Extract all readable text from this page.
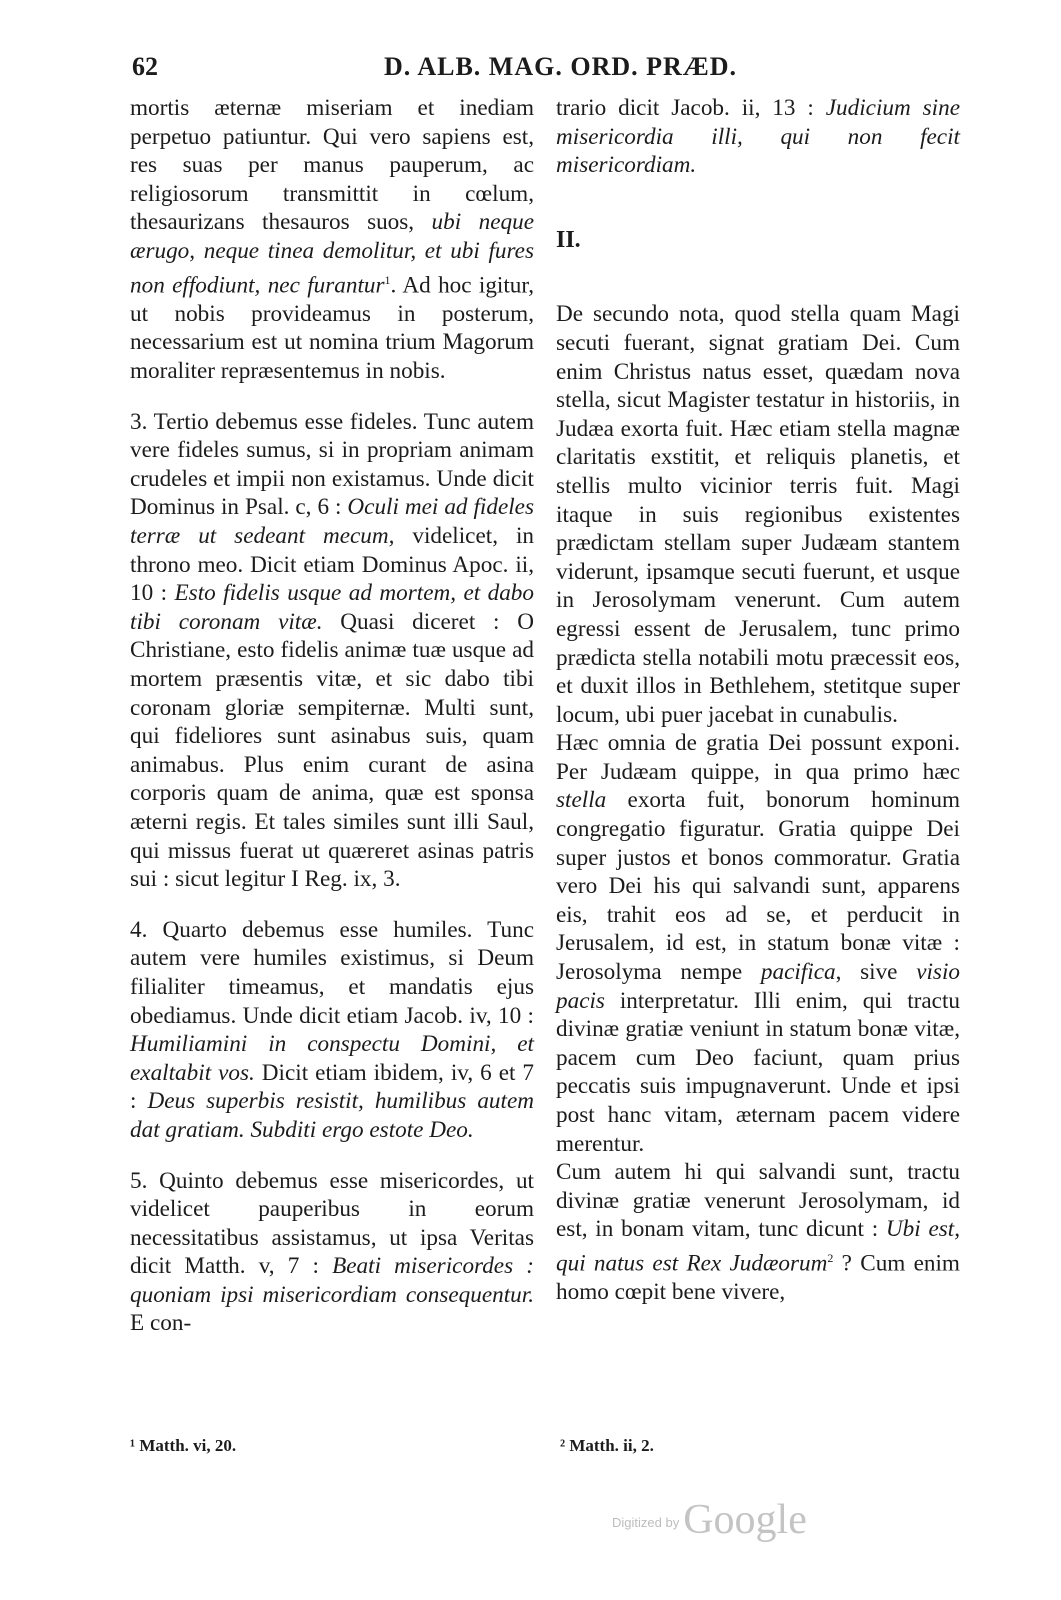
62	D. ALB. MAG. ORD. PRÆD.

mortis æternæ miseriam et inediam perpetuo patiuntur. Qui vero sapiens est, res suas per manus pauperum, ac religiosorum transmittit in cœlum, thesaurizans thesauros suos, ubi neque ærugo, neque tinea demolitur, et ubi fures non effodiunt, nec furantur$^1$. Ad hoc igitur, ut nobis provideamus in posterum, necessarium est ut nomina trium Magorum moraliter repræsentemus in nobis.

3. Tertio debemus esse fideles. Tunc autem vere fideles sumus, si in propriam animam crudeles et impii non existamus. Unde dicit Dominus in Psal. c, 6 : Oculi mei ad fideles terræ ut sedeant mecum, videlicet, in throno meo. Dicit etiam Dominus Apoc. ii, 10 : Esto fidelis usque ad mortem, et dabo tibi coronam vitæ. Quasi diceret : O Christiane, esto fidelis animæ tuæ usque ad mortem præsentis vitæ, et sic dabo tibi coronam gloriæ sempiternæ. Multi sunt, qui fideliores sunt asinabus suis, quam animabus. Plus enim curant de asina corporis quam de anima, quæ est sponsa æterni regis. Et tales similes sunt illi Saul, qui missus fuerat ut quæreret asinas patris sui : sicut legitur I Reg. ix, 3.

4. Quarto debemus esse humiles. Tunc autem vere humiles existimus, si Deum filialiter timeamus, et mandatis ejus obediamus. Unde dicit etiam Jacob. iv, 10 : Humiliamini in conspectu Domini, et exaltabit vos. Dicit etiam ibidem, iv, 6 et 7 : Deus superbis resistit, humilibus autem dat gratiam. Subditi ergo estote Deo.

5. Quinto debemus esse misericordes, ut videlicet pauperibus in eorum necessitatibus assistamus, ut ipsa Veritas dicit Matth. v, 7 : Beati misericordes : quoniam ipsi misericordiam consequentur. E con-

trario dicit Jacob. ii, 13 : Judicium sine misericordia illi, qui non fecit misericordiam.

II.

De secundo nota, quod stella quam Magi secuti fuerant, signat gratiam Dei. Cum enim Christus natus esset, quædam nova stella, sicut Magister testatur in historiis, in Judæa exorta fuit. Hæc etiam stella magnæ claritatis exstitit, et reliquis planetis, et stellis multo vicinior terris fuit. Magi itaque in suis regionibus existentes prædictam stellam super Judæam stantem viderunt, ipsamque secuti fuerunt, et usque in Jerosolymam venerunt. Cum autem egressi essent de Jerusalem, tunc primo prædicta stella notabili motu præcessit eos, et duxit illos in Bethlehem, stetitque super locum, ubi puer jacebat in cunabulis.

Hæc omnia de gratia Dei possunt exponi. Per Judæam quippe, in qua primo hæc stella exorta fuit, bonorum hominum congregatio figuratur. Gratia quippe Dei super justos et bonos commoratur. Gratia vero Dei his qui salvandi sunt, apparens eis, trahit eos ad se, et perducit in Jerusalem, id est, in statum bonæ vitæ : Jerosolyma nempe pacifica, sive visio pacis interpretatur. Illi enim, qui tractu divinæ gratiæ veniunt in statum bonæ vitæ, pacem cum Deo faciunt, quam prius peccatis suis impugnaverunt. Unde et ipsi post hanc vitam, æternam pacem videre merentur.

Cum autem hi qui salvandi sunt, tractu divinæ gratiæ venerunt Jerosolymam, id est, in bonam vitam, tunc dicunt : Ubi est, qui natus est Rex Judæorum$^2$ ? Cum enim homo cœpit bene vivere,

¹ Matth. vi, 20.	² Matth. ii, 2.
$^{Digitized by}$ Google
